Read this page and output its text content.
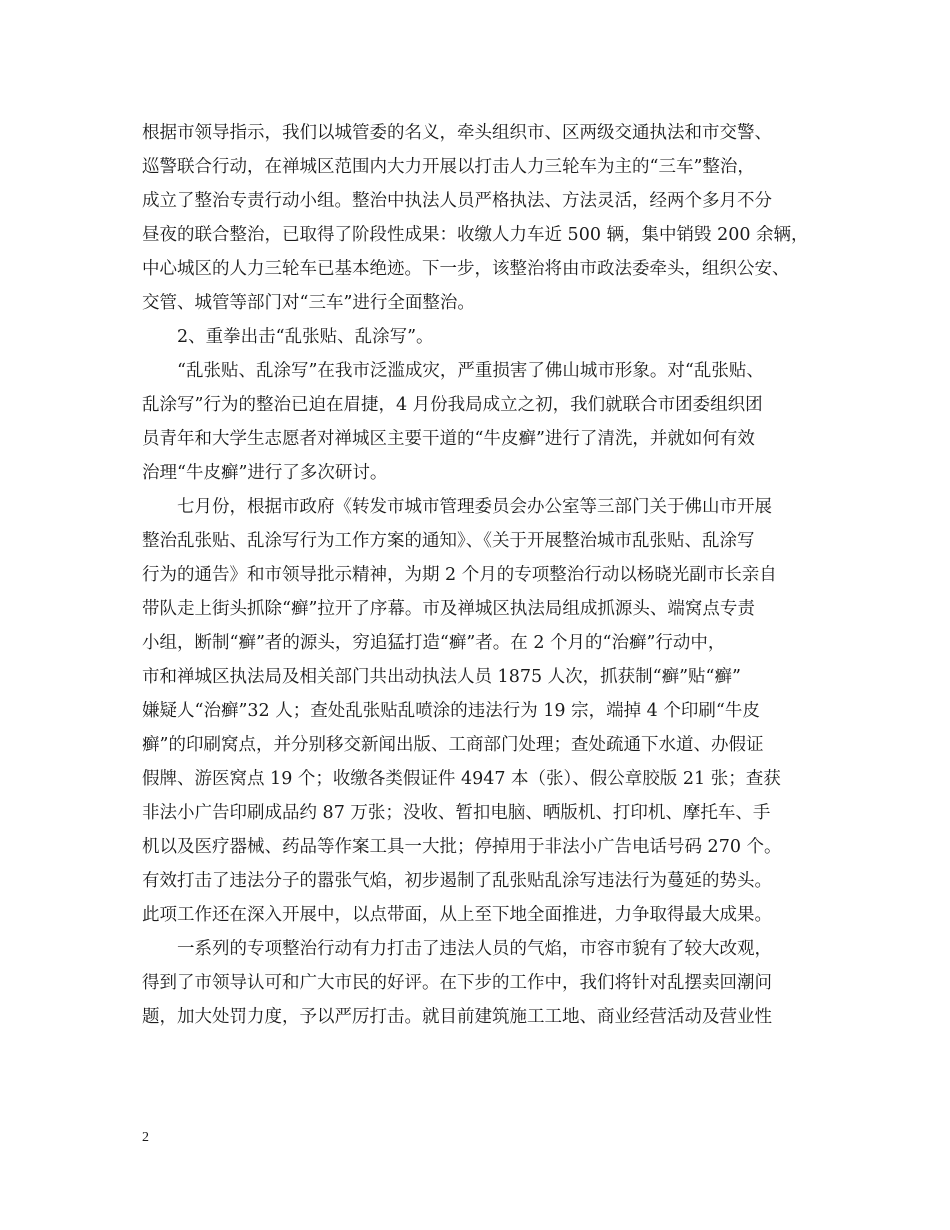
根据市领导指示，我们以城管委的名义，牵头组织市、区两级交通执法和市交警、
巡警联合行动，在禅城区范围内大力开展以打击人力三轮车为主的“三车”整治，
成立了整治专责行动小组。整治中执法人员严格执法、方法灵活，经两个多月不分
昼夜的联合整治，已取得了阶段性成果：收缴人力车近 500 辆，集中销毁 200 余辆，
中心城区的人力三轮车已基本绝迹。下一步，该整治将由市政法委牵头，组织公安、
交管、城管等部门对“三车”进行全面整治。
2、重拳出击“乱张贴、乱涂写”。
“乱张贴、乱涂写”在我市泛滥成灾，严重损害了佛山城市形象。对“乱张贴、
乱涂写”行为的整治已迫在眉捷，4 月份我局成立之初，我们就联合市团委组织团
员青年和大学生志愿者对禅城区主要干道的“牛皮癣”进行了清洗，并就如何有效
治理“牛皮癣”进行了多次研讨。
七月份，根据市政府《转发市城市管理委员会办公室等三部门关于佛山市开展
整治乱张贴、乱涂写行为工作方案的通知》、《关于开展整治城市乱张贴、乱涂写
行为的通告》和市领导批示精神，为期 2 个月的专项整治行动以杨晓光副市长亲自
带队走上街头抓除“癣”拉开了序幕。市及禅城区执法局组成抓源头、端窝点专责
小组，断制“癣”者的源头，穷追猛打造“癣”者。在 2 个月的“治癣”行动中，
市和禅城区执法局及相关部门共出动执法人员 1875 人次，抓获制“癣”贴“癣”
嫌疑人“治癣”32 人；查处乱张贴乱喷涂的违法行为 19 宗，端掉 4 个印刷“牛皮
癣”的印刷窝点，并分别移交新闻出版、工商部门处理；查处疏通下水道、办假证
假牌、游医窝点 19 个；收缴各类假证件 4947 本（张）、假公章胶版 21 张；查获
非法小广告印刷成品约 87 万张；没收、暂扣电脑、晒版机、打印机、摩托车、手
机以及医疗器械、药品等作案工具一大批；停掉用于非法小广告电话号码 270 个。
有效打击了违法分子的嚣张气焰，初步遏制了乱张贴乱涂写违法行为蔓延的势头。
此项工作还在深入开展中，以点带面，从上至下地全面推进，力争取得最大成果。
一系列的专项整治行动有力打击了违法人员的气焰，市容市貌有了较大改观，
得到了市领导认可和广大市民的好评。在下步的工作中，我们将针对乱摆卖回潮问
题，加大处罚力度，予以严厉打击。就目前建筑施工工地、商业经营活动及营业性
2
